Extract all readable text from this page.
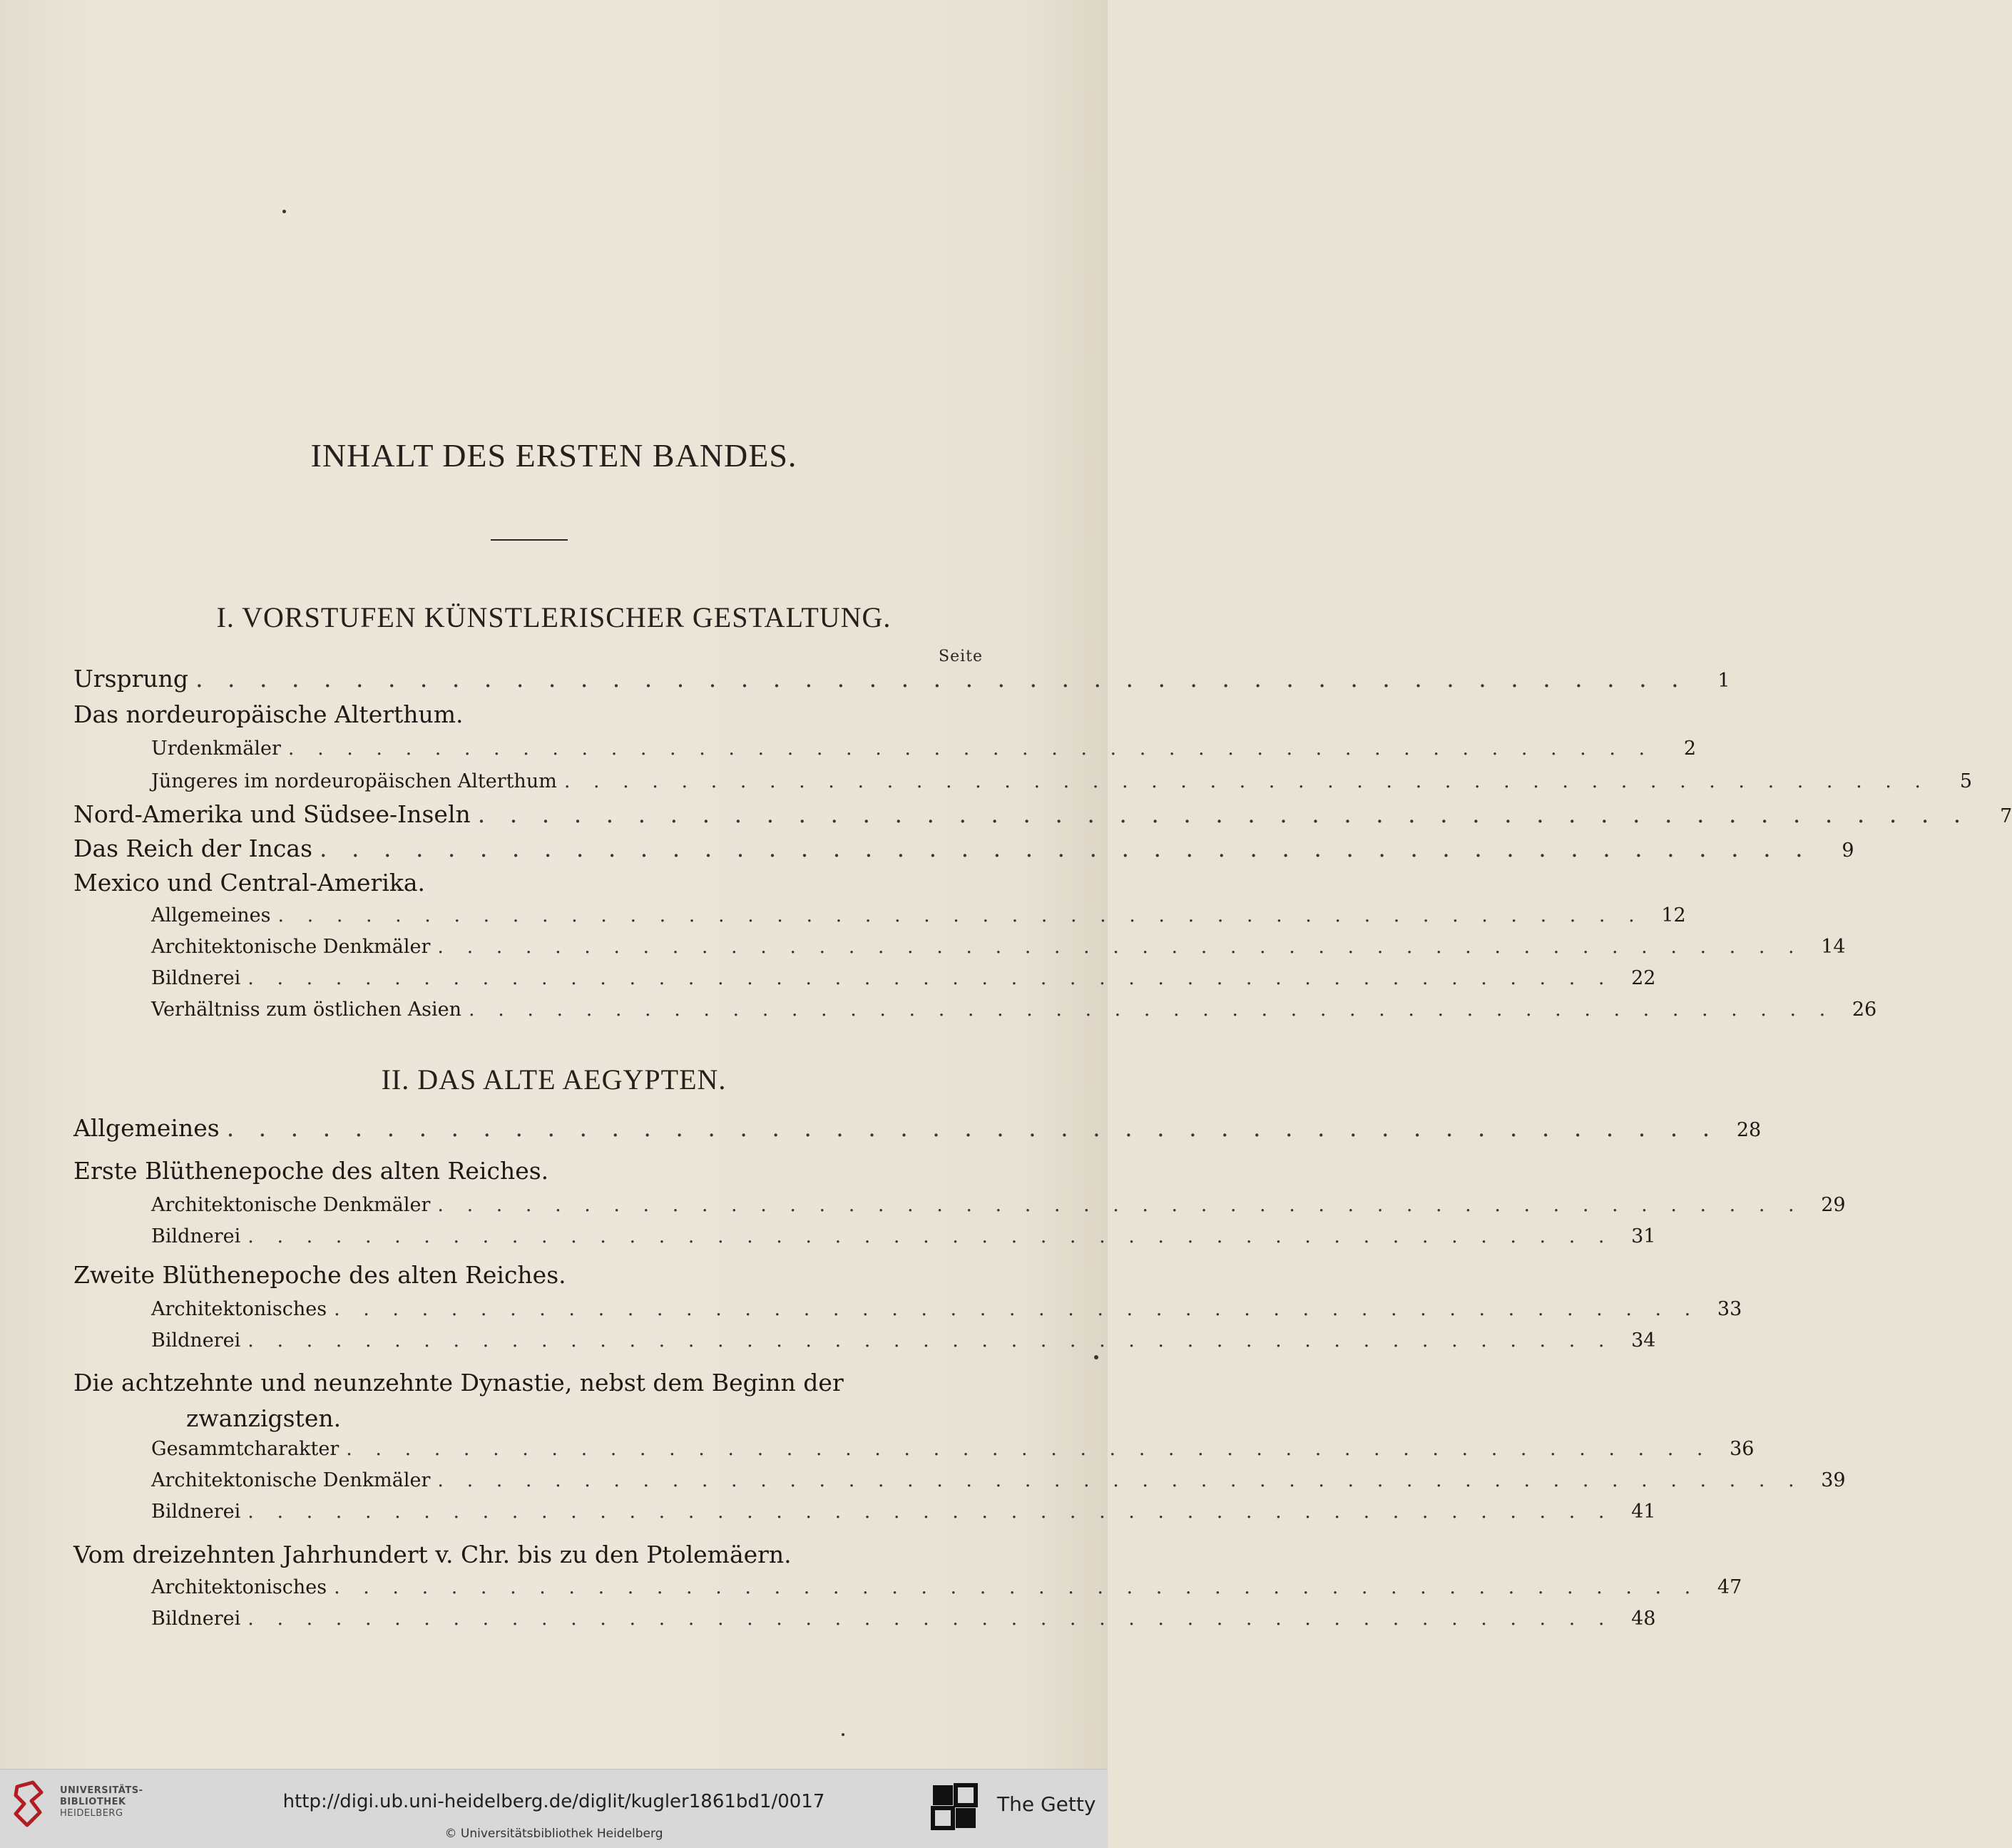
INHALT DES ERSTEN BANDES.
I. VORSTUFEN KÜNSTLERISCHER GESTALTUNG.
Seite
Ursprung . . . . . . . . . . . . . . . . . . . . . . . . . . . . . . . . . . . . . . . . . . . . . . .	1
Das nordeuropäische Alterthum.
Urdenkmäler . . . . . . . . . . . . . . . . . . . . . . . . . . . . . . . . . . . . . . . . . . . . . . .	2
Jüngeres im nordeuropäischen Alterthum . . . . . . . . . . . . . . . . . . . . . . . . . . . . . . . . . . . . . . . . . . . . . . .	5
Nord-Amerika und Südsee-Inseln . . . . . . . . . . . . . . . . . . . . . . . . . . . . . . . . . . . . . . . . . . . . . . .	7
Das Reich der Incas . . . . . . . . . . . . . . . . . . . . . . . . . . . . . . . . . . . . . . . . . . . . . . .	9
Mexico und Central-Amerika.
Allgemeines . . . . . . . . . . . . . . . . . . . . . . . . . . . . . . . . . . . . . . . . . . . . . . . 12
Architektonische Denkmäler . . . . . . . . . . . . . . . . . . . . . . . . . . . . . . . . . . . . . . . . . . . . . . . 14
Bildnerei . . . . . . . . . . . . . . . . . . . . . . . . . . . . . . . . . . . . . . . . . . . . . . . 22
Verhältniss zum östlichen Asien . . . . . . . . . . . . . . . . . . . . . . . . . . . . . . . . . . . . . . . . . . . . . . . 26
II. DAS ALTE AEGYPTEN.
Allgemeines . . . . . . . . . . . . . . . . . . . . . . . . . . . . . . . . . . . . . . . . . . . . . . . 28
Erste Blüthenepoche des alten Reiches.
Architektonische Denkmäler . . . . . . . . . . . . . . . . . . . . . . . . . . . . . . . . . . . . . . . . . . . . . . . 29
Bildnerei . . . . . . . . . . . . . . . . . . . . . . . . . . . . . . . . . . . . . . . . . . . . . . . 31
Zweite Blüthenepoche des alten Reiches.
Architektonisches . . . . . . . . . . . . . . . . . . . . . . . . . . . . . . . . . . . . . . . . . . . . . . . 33
Bildnerei . . . . . . . . . . . . . . . . . . . . . . . . . . . . . . . . . . . . . . . . . . . . . . . 34
Die achtzehnte und neunzehnte Dynastie, nebst dem Beginn der
zwanzigsten.
Gesammtcharakter . . . . . . . . . . . . . . . . . . . . . . . . . . . . . . . . . . . . . . . . . . . . . . . 36
Architektonische Denkmäler . . . . . . . . . . . . . . . . . . . . . . . . . . . . . . . . . . . . . . . . . . . . . . . 39
Bildnerei . . . . . . . . . . . . . . . . . . . . . . . . . . . . . . . . . . . . . . . . . . . . . . . 41
Vom dreizehnten Jahrhundert v. Chr. bis zu den Ptolemäern.
Architektonisches . . . . . . . . . . . . . . . . . . . . . . . . . . . . . . . . . . . . . . . . . . . . . . . 47
Bildnerei . . . . . . . . . . . . . . . . . . . . . . . . . . . . . . . . . . . . . . . . . . . . . . . 48
UNIVERSITÄTS-
BIBLIOTHEK
HEIDELBERG
http://digi.ub.uni-heidelberg.de/diglit/kugler1861bd1/0017
© Universitätsbibliothek Heidelberg
The Getty
